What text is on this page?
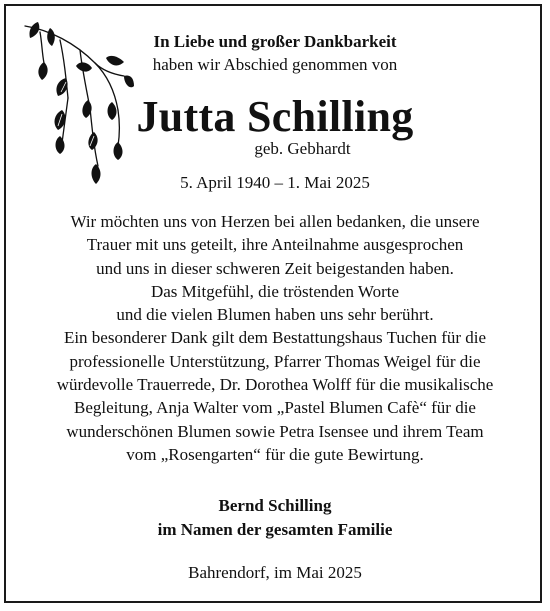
In Liebe und großer Dankbarkeit
haben wir Abschied genommen von
Jutta Schilling
geb. Gebhardt
5. April 1940 – 1. Mai 2025
Wir möchten uns von Herzen bei allen bedanken, die unsere
Trauer mit uns geteilt, ihre Anteilnahme ausgesprochen
und uns in dieser schweren Zeit beigestanden haben.
Das Mitgefühl, die tröstenden Worte
und die vielen Blumen haben uns sehr berührt.
Ein besonderer Dank gilt dem Bestattungshaus Tuchen für die
professionelle Unterstützung, Pfarrer Thomas Weigel für die
würdevolle Trauerrede, Dr. Dorothea Wolff für die musikalische
Begleitung, Anja Walter vom „Pastel Blumen Cafè“ für die
wunderschönen Blumen sowie Petra Isensee und ihrem Team
vom „Rosengarten“ für die gute Bewirtung.
Bernd Schilling
im Namen der gesamten Familie
Bahrendorf, im Mai 2025
